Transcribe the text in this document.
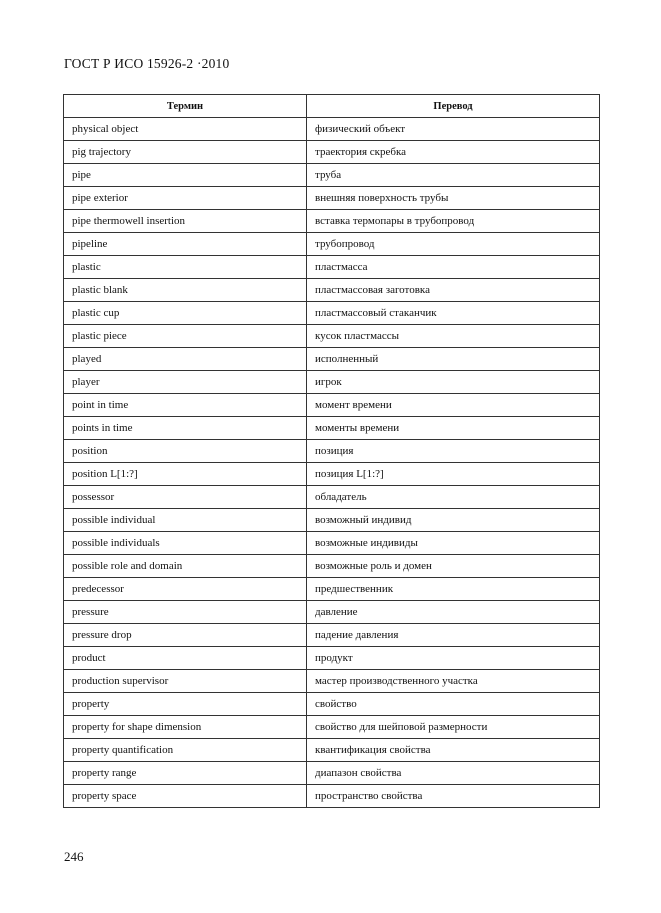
ГОСТ Р ИСО 15926-2 ·2010
Термин	Перевод
physical object	физический объект
pig trajectory	траектория скребка
pipe	труба
pipe exterior	внешняя поверхность трубы
pipe thermowell insertion	вставка термопары в трубопровод
pipeline	трубопровод
plastic	пластмасса
plastic blank	пластмассовая заготовка
plastic cup	пластмассовый стаканчик
plastic piece	кусок пластмассы
played	исполненный
player	игрок
point in time	момент времени
points in time	моменты времени
position	позиция
position L[1:?]	позиция L[1:?]
possessor	обладатель
possible individual	возможный индивид
possible individuals	возможные индивиды
possible role and domain	возможные роль и домен
predecessor	предшественник
pressure	давление
pressure drop	падение давления
product	продукт
production supervisor	мастер производственного участка
property	свойство
property for shape dimension	свойство для шейповой размерности
property quantification	квантификация свойства
property range	диапазон свойства
property space	пространство свойства
246
